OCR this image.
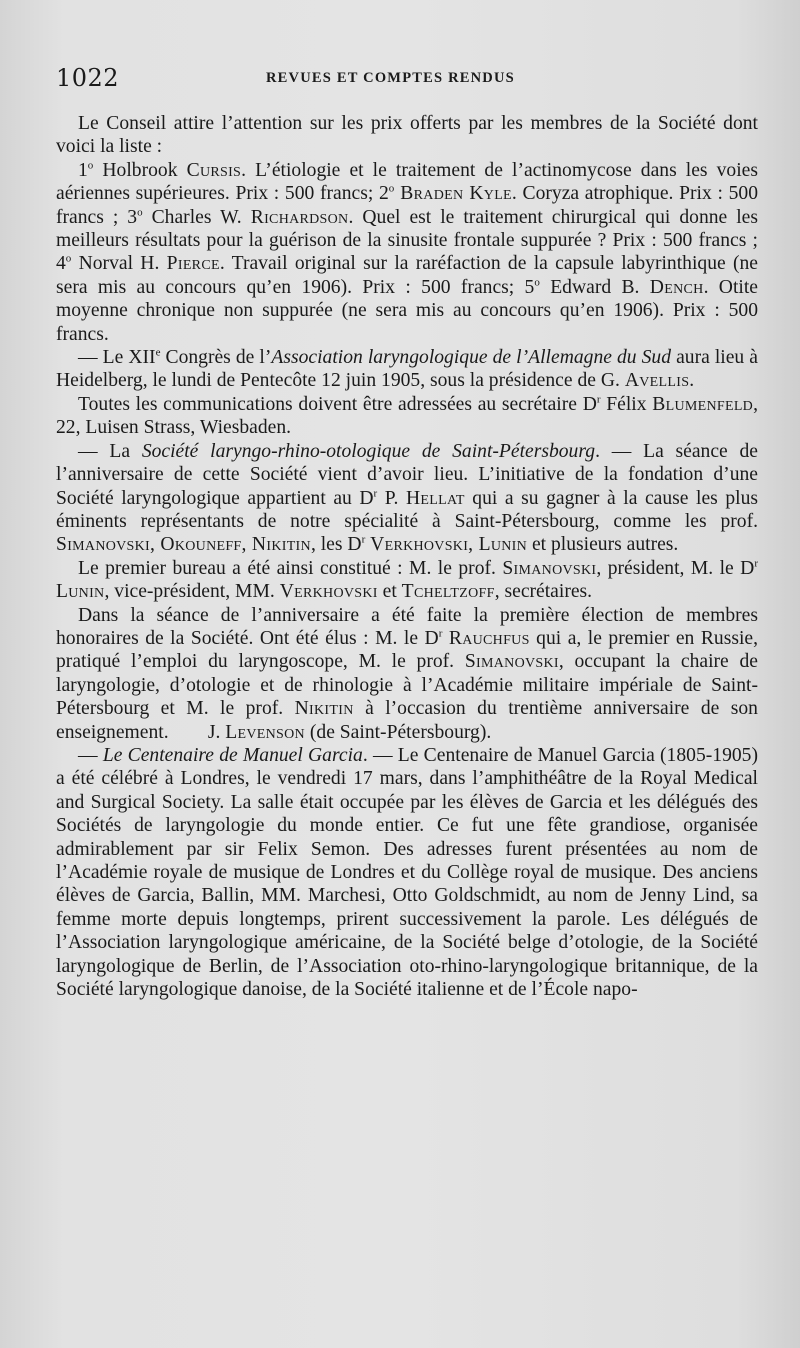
1022	REVUES ET COMPTES RENDUS

Le Conseil attire l’attention sur les prix offerts par les membres de la Société dont voici la liste :

1$^o$ Holbrook Cursis. L’étiologie et le traitement de l’actinomycose dans les voies aériennes supérieures. Prix : 500 francs; 2$^o$ Braden Kyle. Coryza atrophique. Prix : 500 francs ; 3$^o$ Charles W. Richardson. Quel est le traitement chirurgical qui donne les meilleurs résultats pour la guérison de la sinusite frontale suppurée ? Prix : 500 francs ; 4$^o$ Norval H. Pierce. Travail original sur la raréfaction de la capsule labyrinthique (ne sera mis au concours qu’en 1906). Prix : 500 francs; 5$^o$ Edward B. Dench. Otite moyenne chronique non suppurée (ne sera mis au concours qu’en 1906). Prix : 500 francs.

— Le XIIe Congrès de l’Association laryngologique de l’Allemagne du Sud aura lieu à Heidelberg, le lundi de Pentecôte 12 juin 1905, sous la présidence de G. Avellis.

Toutes les communications doivent être adressées au secrétaire $D^r$ Félix Blumenfeld, 22, Luisen Strass, Wiesbaden.

— La Société laryngo-rhino-otologique de Saint-Pétersbourg. — La séance de l’anniversaire de cette Société vient d’avoir lieu. L’initiative de la fondation d’une Société laryngologique appartient au $D^r$ P. Hellat qui a su gagner à la cause les plus éminents représentants de notre spécialité à Saint-Pétersbourg, comme les prof. Simanovski, Okouneff, Nikitin, les $D^r$ Verkhovski, Lunin et plusieurs autres.

Le premier bureau a été ainsi constitué : M. le prof. Simanovski, président, M. le $D^r$ Lunin, vice-président, MM. Verkhovski et Tcheltzoff, secrétaires.

Dans la séance de l’anniversaire a été faite la première élection de membres honoraires de la Société. Ont été élus : M. le $D^r$ Rauchfus qui a, le premier en Russie, pratiqué l’emploi du laryngoscope, M. le prof. Simanovski, occupant la chaire de laryngologie, d’otologie et de rhinologie à l’Académie militaire impériale de Saint-Pétersbourg et M. le prof. Nikitin à l’occasion du trentième anniversaire de son enseignement. J. Levenson (de Saint-Pétersbourg).

— Le Centenaire de Manuel Garcia. — Le Centenaire de Manuel Garcia (1805-1905) a été célébré à Londres, le vendredi 17 mars, dans l’amphithéâtre de la Royal Medical and Surgical Society. La salle était occupée par les élèves de Garcia et les délégués des Sociétés de laryngologie du monde entier. Ce fut une fête grandiose, organisée admirablement par sir Felix Semon. Des adresses furent présentées au nom de l’Académie royale de musique de Londres et du Collège royal de musique. Des anciens élèves de Garcia, Ballin, MM. Marchesi, Otto Goldschmidt, au nom de Jenny Lind, sa femme morte depuis longtemps, prirent successivement la parole. Les délégués de l’Association laryngologique américaine, de la Société belge d’otologie, de la Société laryngologique de Berlin, de l’Association oto-rhino-laryngologique britannique, de la Société laryngologique danoise, de la Société italienne et de l’École napo-
